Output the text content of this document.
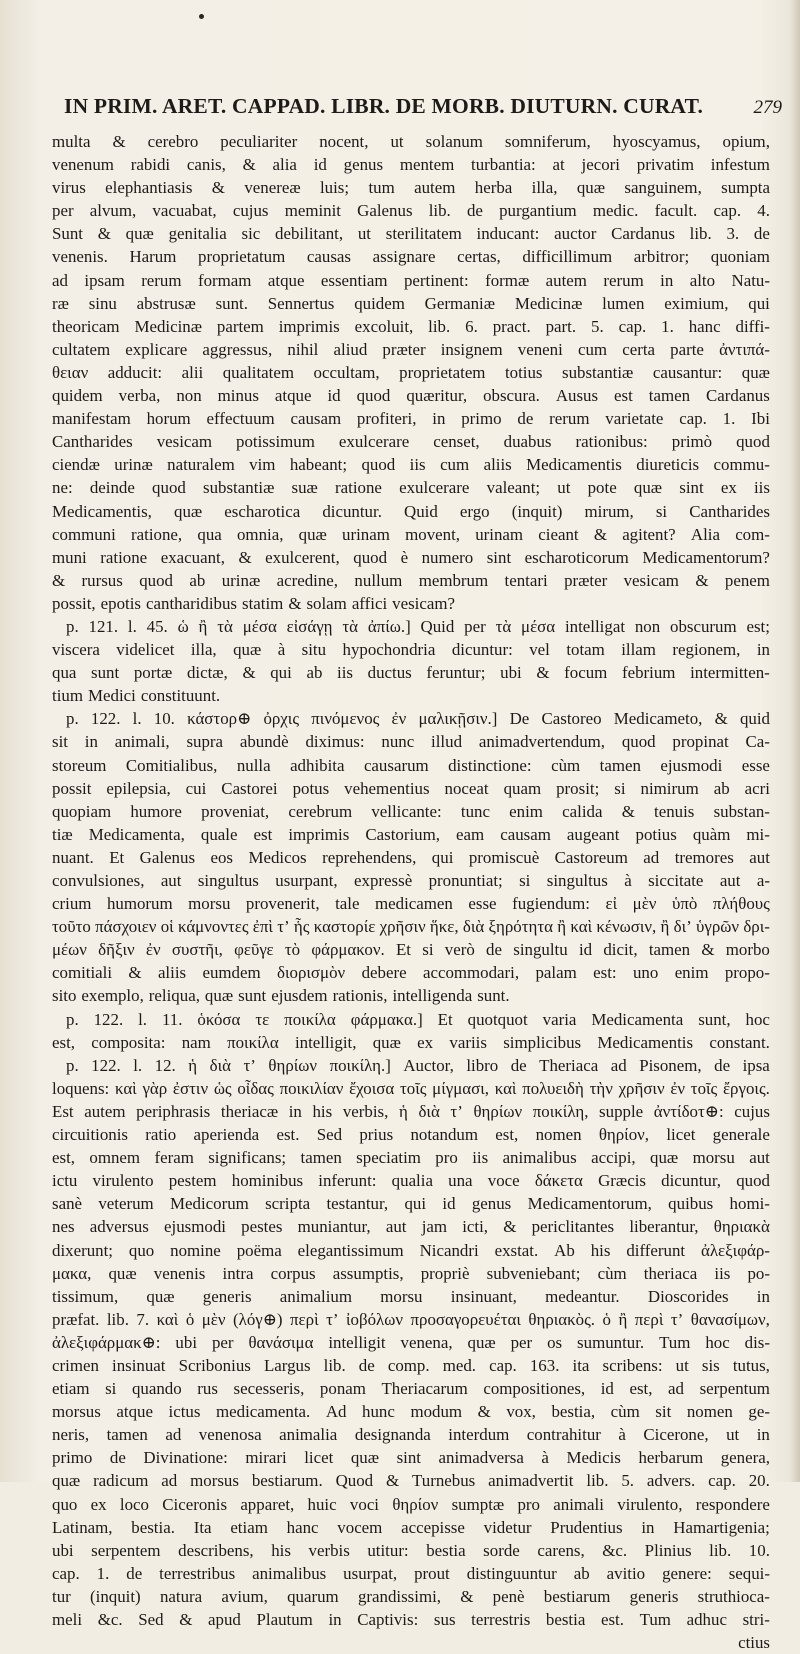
IN PRIM. ARET. CAPPAD. LIBR. DE MORB. DIUTURN. CURAT.	279
multa & cerebro peculiariter nocent, ut solanum somniferum, hyoscyamus, opium,
venenum rabidi canis, & alia id genus mentem turbantia: at jecori privatim infestum
virus elephantiasis & venereæ luis; tum autem herba illa, quæ sanguinem, sumpta
per alvum, vacuabat, cujus meminit Galenus lib. de purgantium medic. facult. cap. 4.
Sunt & quæ genitalia sic debilitant, ut sterilitatem inducant: auctor Cardanus lib. 3. de
venenis. Harum proprietatum causas assignare certas, difficillimum arbitror; quoniam
ad ipsam rerum formam atque essentiam pertinent: formæ autem rerum in alto Natu-
ræ sinu abstrusæ sunt. Sennertus quidem Germaniæ Medicinæ lumen eximium, qui
theoricam Medicinæ partem imprimis excoluit, lib. 6. pract. part. 5. cap. 1. hanc diffi-
cultatem explicare aggressus, nihil aliud præter insignem veneni cum certa parte ἀντιπά-
θειαν adducit: alii qualitatem occultam, proprietatem totius substantiæ causantur: quæ
quidem verba, non minus atque id quod quæritur, obscura. Ausus est tamen Cardanus
manifestam horum effectuum causam profiteri, in primo de rerum varietate cap. 1. Ibi
Cantharides vesicam potissimum exulcerare censet, duabus rationibus: primò quod
ciendæ urinæ naturalem vim habeant; quod iis cum aliis Medicamentis diureticis commu-
ne: deinde quod substantiæ suæ ratione exulcerare valeant; ut pote quæ sint ex iis
Medicamentis, quæ escharotica dicuntur. Quid ergo (inquit) mirum, si Cantharides
communi ratione, qua omnia, quæ urinam movent, urinam cieant & agitent? Alia com-
muni ratione exacuant, & exulcerent, quod è numero sint escharoticorum Medicamentorum?
& rursus quod ab urinæ acredine, nullum membrum tentari præter vesicam & penem
possit, epotis cantharidibus statim & solam affici vesicam?
p. 121. l. 45. ὡ ἢ τὰ μέσα εἰσάγῃ τὰ ἀπίω.] Quid per τὰ μέσα intelligat non obscurum est;
viscera videlicet illa, quæ à situ hypochondria dicuntur: vel totam illam regionem, in
qua sunt portæ dictæ, & qui ab iis ductus feruntur; ubi & focum febrium intermitten-
tium Medici constituunt.
p. 122. l. 10. κάστορ⊕ ὀρχις πινόμενος ἐν μαλικῇσιν.] De Castoreo Medicameto, & quid
sit in animali, supra abundè diximus: nunc illud animadvertendum, quod propinat Ca-
storeum Comitialibus, nulla adhibita causarum distinctione: cùm tamen ejusmodi esse
possit epilepsia, cui Castorei potus vehementius noceat quam prosit; si nimirum ab acri
quopiam humore proveniat, cerebrum vellicante: tunc enim calida & tenuis substan-
tiæ Medicamenta, quale est imprimis Castorium, eam causam augeant potius quàm mi-
nuant. Et Galenus eos Medicos reprehendens, qui promiscuè Castoreum ad tremores aut
convulsiones, aut singultus usurpant, expressè pronuntiat; si singultus à siccitate aut a-
crium humorum morsu provenerit, tale medicamen esse fugiendum: εἰ μὲν ὑπὸ πλήθους
τοῦτο πάσχοιεν οἱ κάμνοντες ἐπὶ τ’ ἧς καστορίε χρῆσιν ἥκε, διὰ ξηρότητα ἢ καὶ κένωσιν, ἢ δι’ ὑγρῶν δρι-
μέων δῆξιν ἐν συστῆι, φεῦγε τὸ φάρμακον. Et si verò de singultu id dicit, tamen & morbo
comitiali & aliis eumdem διορισμὸν debere accommodari, palam est: uno enim propo-
sito exemplo, reliqua, quæ sunt ejusdem rationis, intelligenda sunt.
p. 122. l. 11. ὁκόσα τε ποικίλα φάρμακα.] Et quotquot varia Medicamenta sunt, hoc
est, composita: nam ποικίλα intelligit, quæ ex variis simplicibus Medicamentis constant.
p. 122. l. 12. ἡ διὰ τ’ θηρίων ποικίλη.] Auctor, libro de Theriaca ad Pisonem, de ipsa
loquens: καὶ γὰρ ἐστιν ὡς οἶδας ποικιλίαν ἔχοισα τοῖς μίγμασι, καὶ πολυειδὴ τὴν χρῆσιν ἐν τοῖς ἔργοις.
Est autem periphrasis theriacæ in his verbis, ἡ διὰ τ’ θηρίων ποικίλη, supple ἀντίδοτ⊕: cujus
circuitionis ratio aperienda est. Sed prius notandum est, nomen θηρίον, licet generale
est, omnem feram significans; tamen speciatim pro iis animalibus accipi, quæ morsu aut
ictu virulento pestem hominibus inferunt: qualia una voce δάκετα Græcis dicuntur, quod
sanè veterum Medicorum scripta testantur, qui id genus Medicamentorum, quibus homi-
nes adversus ejusmodi pestes muniantur, aut jam icti, & periclitantes liberantur, θηριακὰ
dixerunt; quo nomine poëma elegantissimum Nicandri exstat. Ab his differunt ἀλεξιφάρ-
μακα, quæ venenis intra corpus assumptis, propriè subveniebant; cùm theriaca iis po-
tissimum, quæ generis animalium morsu insinuant, medeantur. Dioscorides in
præfat. lib. 7. καὶ ὁ μὲν (λόγ⊕) περὶ τ’ ἰοβόλων προσαγορευέται θηριακὸς. ὁ ἢ περὶ τ’ θανασίμων,
ἀλεξιφάρμακ⊕: ubi per θανάσιμα intelligit venena, quæ per os sumuntur. Tum hoc dis-
crimen insinuat Scribonius Largus lib. de comp. med. cap. 163. ita scribens: ut sis tutus,
etiam si quando rus secesseris, ponam Theriacarum compositiones, id est, ad serpentum
morsus atque ictus medicamenta. Ad hunc modum & vox, bestia, cùm sit nomen ge-
neris, tamen ad venenosa animalia designanda interdum contrahitur à Cicerone, ut in
primo de Divinatione: mirari licet quæ sint animadversa à Medicis herbarum genera,
quæ radicum ad morsus bestiarum. Quod & Turnebus animadvertit lib. 5. advers. cap. 20.
quo ex loco Ciceronis apparet, huic voci θηρίον sumptæ pro animali virulento, respondere
Latinam, bestia. Ita etiam hanc vocem accepisse videtur Prudentius in Hamartigenia;
ubi serpentem describens, his verbis utitur: bestia sorde carens, &c. Plinius lib. 10.
cap. 1. de terrestribus animalibus usurpat, prout distinguuntur ab avitio genere: sequi-
tur (inquit) natura avium, quarum grandissimi, & penè bestiarum generis struthioca-
meli &c. Sed & apud Plautum in Captivis: sus terrestris bestia est. Tum adhuc stri-
ctius
